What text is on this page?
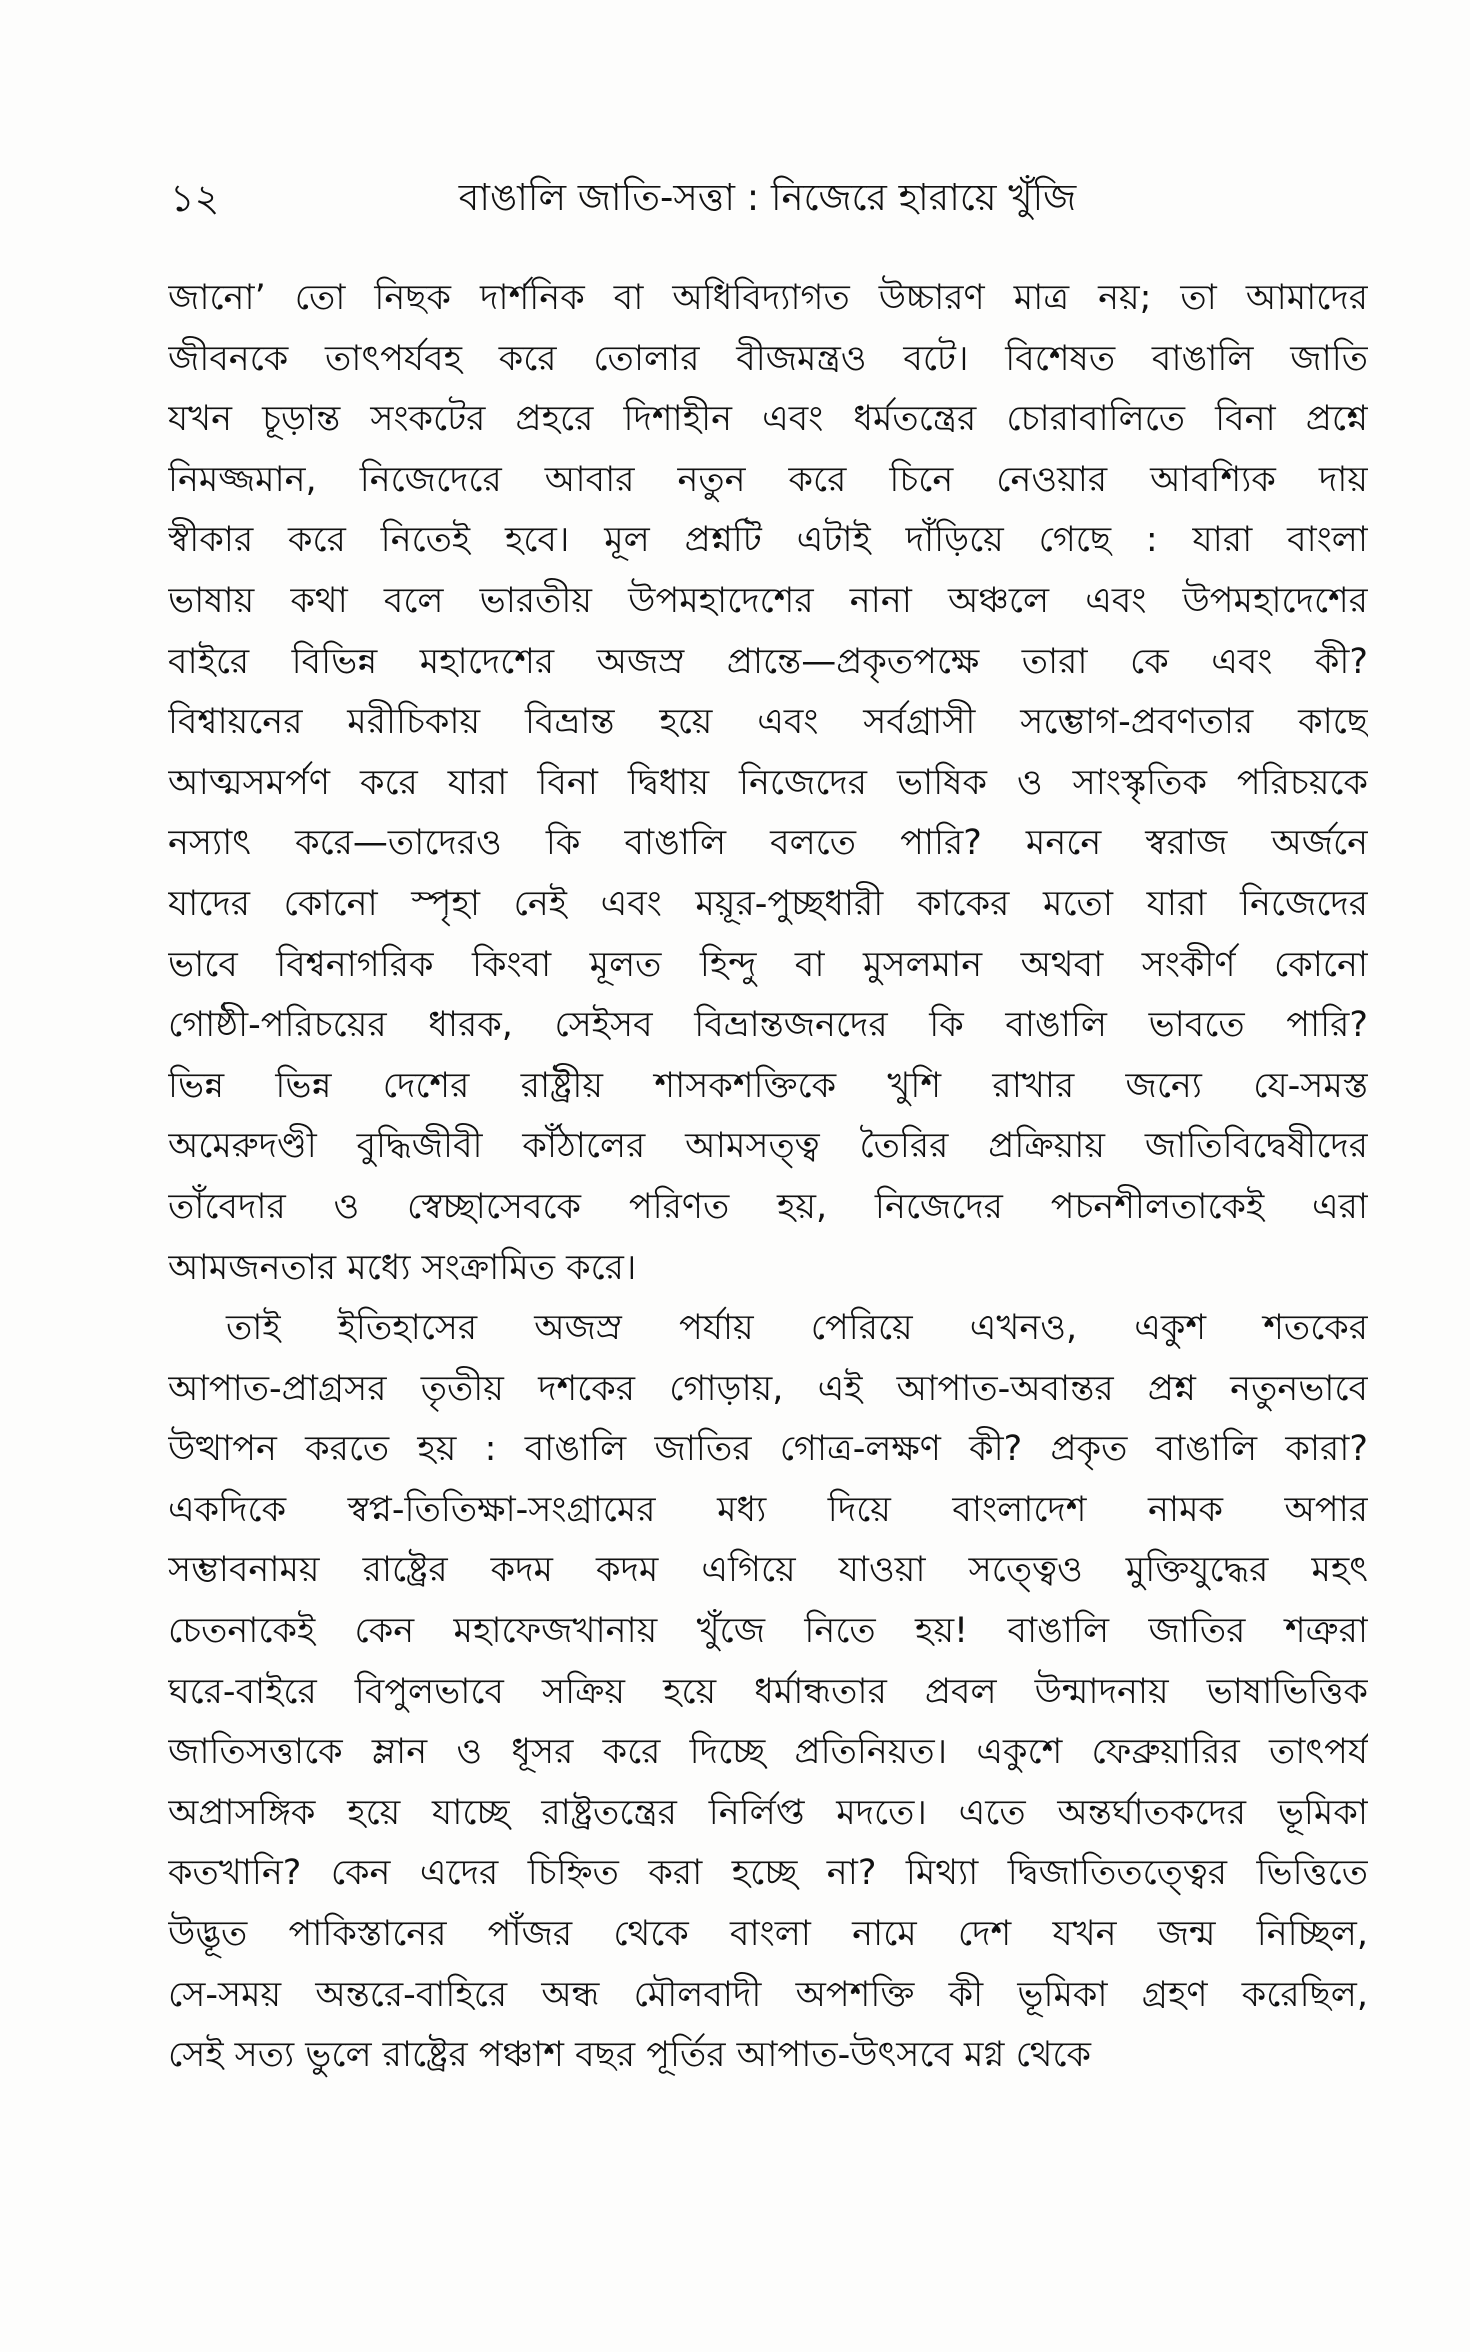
১২	বাঙালি জাতি-সত্তা : নিজেরে হারায়ে খুঁজি
জানো’ তো নিছক দার্শনিক বা অধিবিদ্যাগত উচ্চারণ মাত্র নয়; তা আমাদের
জীবনকে তাৎপর্যবহ করে তোলার বীজমন্ত্রও বটে। বিশেষত বাঙালি জাতি
যখন চূড়ান্ত সংকটের প্রহরে দিশাহীন এবং ধর্মতন্ত্রের চোরাবালিতে বিনা প্রশ্নে
নিমজ্জমান, নিজেদেরে আবার নতুন করে চিনে নেওয়ার আবশ্যিক দায়
স্বীকার করে নিতেই হবে। মূল প্রশ্নটি এটাই দাঁড়িয়ে গেছে : যারা বাংলা
ভাষায় কথা বলে ভারতীয় উপমহাদেশের নানা অঞ্চলে এবং উপমহাদেশের
বাইরে বিভিন্ন মহাদেশের অজস্র প্রান্তে—প্রকৃতপক্ষে তারা কে এবং কী?
বিশ্বায়নের মরীচিকায় বিভ্রান্ত হয়ে এবং সর্বগ্রাসী সম্ভোগ-প্রবণতার কাছে
আত্মসমর্পণ করে যারা বিনা দ্বিধায় নিজেদের ভাষিক ও সাংস্কৃতিক পরিচয়কে
নস্যাৎ করে—তাদেরও কি বাঙালি বলতে পারি? মননে স্বরাজ অর্জনে
যাদের কোনো স্পৃহা নেই এবং ময়ূর-পুচ্ছধারী কাকের মতো যারা নিজেদের
ভাবে বিশ্বনাগরিক কিংবা মূলত হিন্দু বা মুসলমান অথবা সংকীর্ণ কোনো
গোষ্ঠী-পরিচয়ের ধারক, সেইসব বিভ্রান্তজনদের কি বাঙালি ভাবতে পারি?
ভিন্ন ভিন্ন দেশের রাষ্ট্রীয় শাসকশক্তিকে খুশি রাখার জন্যে যে-সমস্ত
অমেরুদণ্ডী বুদ্ধিজীবী কাঁঠালের আমসত্ত্ব তৈরির প্রক্রিয়ায় জাতিবিদ্বেষীদের
তাঁবেদার ও স্বেচ্ছাসেবকে পরিণত হয়, নিজেদের পচনশীলতাকেই এরা
আমজনতার মধ্যে সংক্রামিত করে।
তাই ইতিহাসের অজস্র পর্যায় পেরিয়ে এখনও, একুশ শতকের
আপাত-প্রাগ্রসর তৃতীয় দশকের গোড়ায়, এই আপাত-অবান্তর প্রশ্ন নতুনভাবে
উত্থাপন করতে হয় : বাঙালি জাতির গোত্র-লক্ষণ কী? প্রকৃত বাঙালি কারা?
একদিকে স্বপ্ন-তিতিক্ষা-সংগ্রামের মধ্য দিয়ে বাংলাদেশ নামক অপার
সম্ভাবনাময় রাষ্ট্রের কদম কদম এগিয়ে যাওয়া সত্ত্বেও মুক্তিযুদ্ধের মহৎ
চেতনাকেই কেন মহাফেজখানায় খুঁজে নিতে হয়! বাঙালি জাতির শত্রুরা
ঘরে-বাইরে বিপুলভাবে সক্রিয় হয়ে ধর্মান্ধতার প্রবল উন্মাদনায় ভাষাভিত্তিক
জাতিসত্তাকে ম্লান ও ধূসর করে দিচ্ছে প্রতিনিয়ত। একুশে ফেব্রুয়ারির তাৎপর্য
অপ্রাসঙ্গিক হয়ে যাচ্ছে রাষ্ট্রতন্ত্রের নির্লিপ্ত মদতে। এতে অন্তর্ঘাতকদের ভূমিকা
কতখানি? কেন এদের চিহ্নিত করা হচ্ছে না? মিথ্যা দ্বিজাতিতত্ত্বের ভিত্তিতে
উদ্ভূত পাকিস্তানের পাঁজর থেকে বাংলা নামে দেশ যখন জন্ম নিচ্ছিল,
সে-সময় অন্তরে-বাহিরে অন্ধ মৌলবাদী অপশক্তি কী ভূমিকা গ্রহণ করেছিল,
সেই সত্য ভুলে রাষ্ট্রের পঞ্চাশ বছর পূর্তির আপাত-উৎসবে মগ্ন থেকে
